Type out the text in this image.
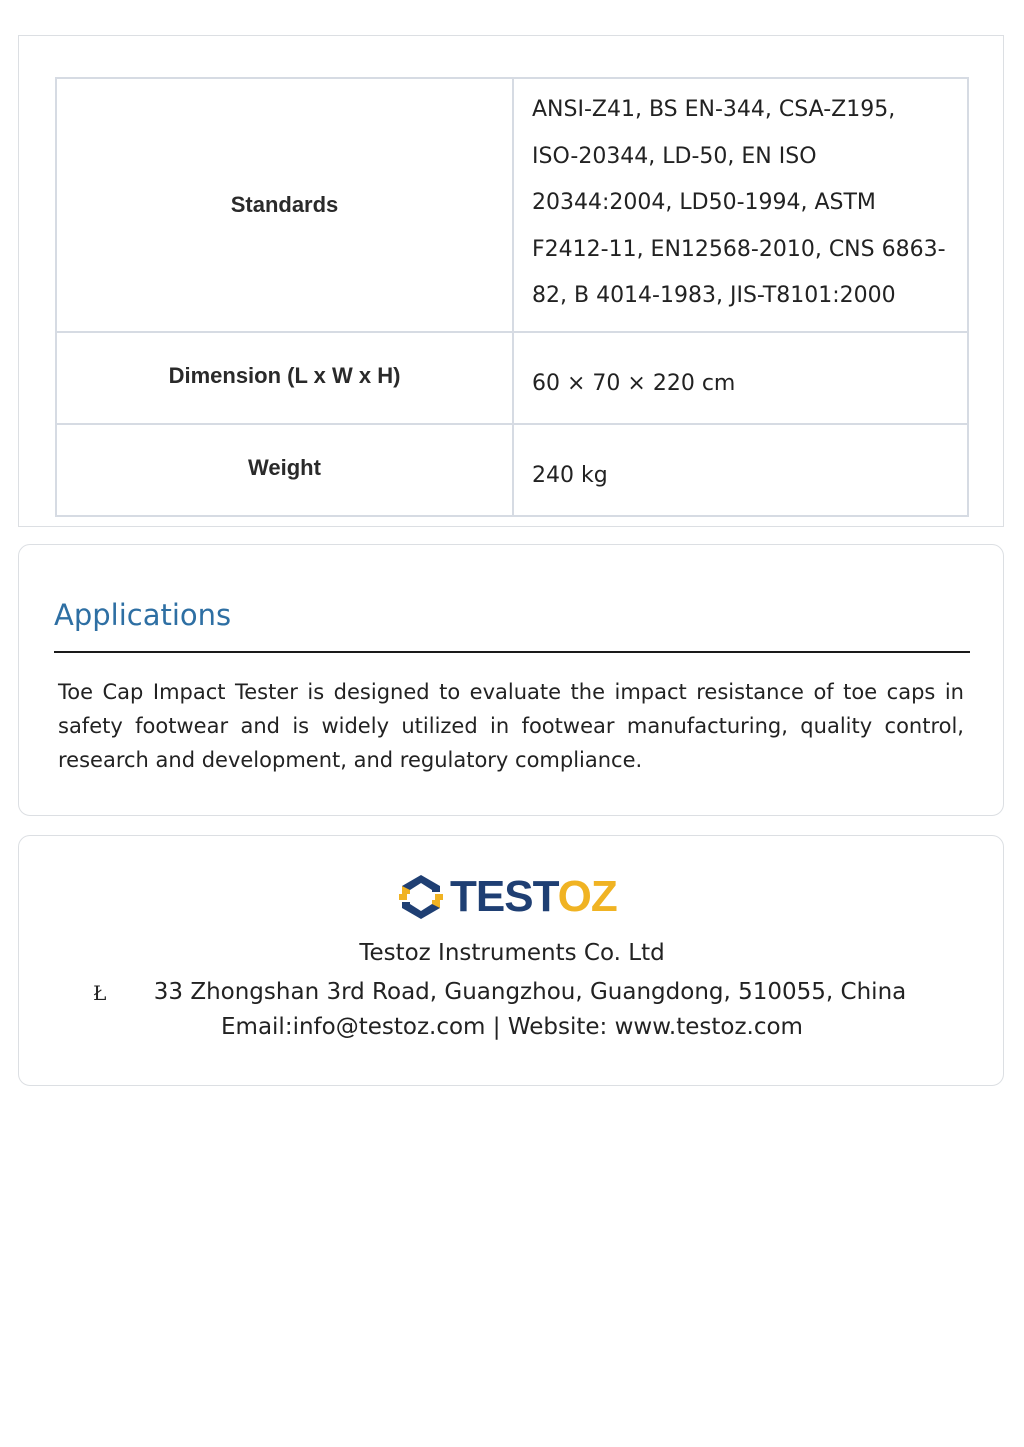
Standards	ANSI-Z41, BS EN-344, CSA-Z195,
ISO-20344, LD-50, EN ISO
20344:2004, LD50-1994, ASTM
F2412-11, EN12568-2010, CNS 6863-
82, B 4014-1983, JIS-T8101:2000

Dimension (L x W x H)	60 × 70 × 220 cm
Weight	240 kg
Applications

Toe Cap Impact Tester is designed to evaluate the impact resistance of toe caps in safety footwear and is widely utilized in footwear manufacturing, quality control, research and development, and regulatory compliance.

TESTOZ
Testoz Instruments Co. Ltd
Ł 33 Zhongshan 3rd Road, Guangzhou, Guangdong, 510055, China
Email:info@testoz.com | Website: www.testoz.com
